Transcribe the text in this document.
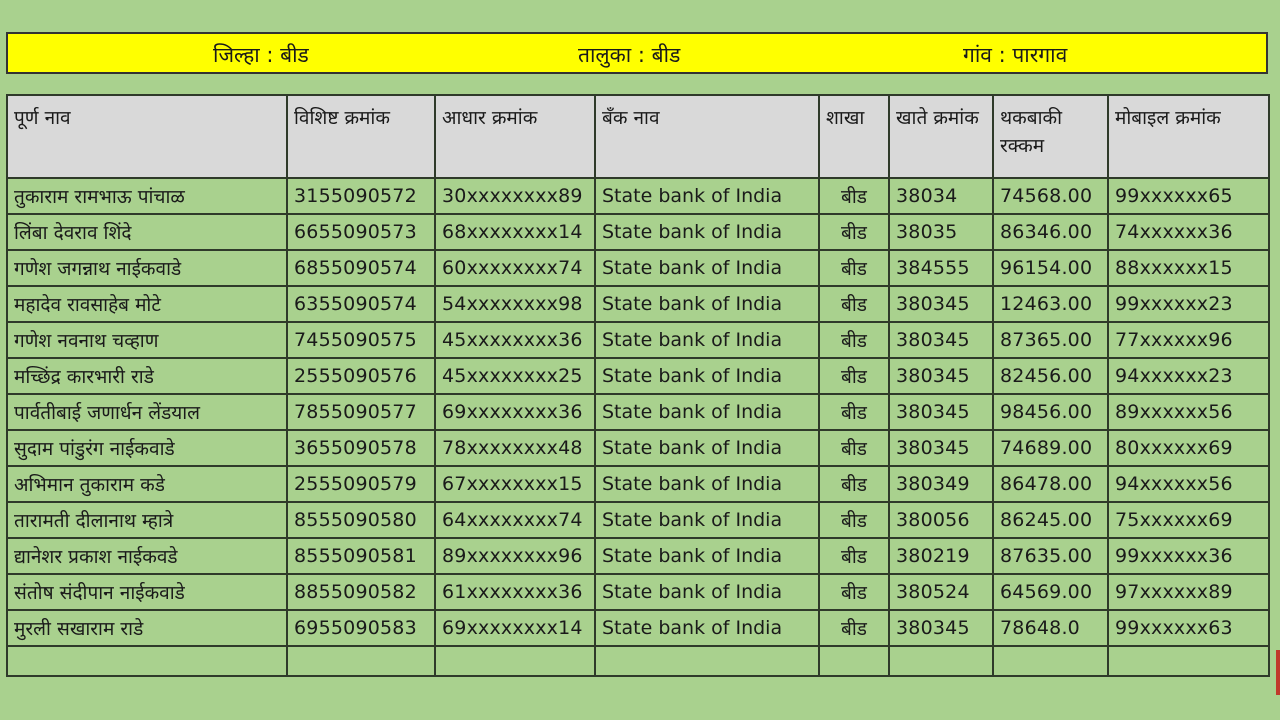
जिल्हा : बीड	तालुका : बीड	गांव : पारगाव
पूर्ण नाव	विशिष्ट क्रमांक	आधार क्रमांक	बँक नाव	शाखा	खाते क्रमांक	थकबाकी रक्कम	मोबाइल क्रमांक
तुकाराम रामभाऊ पांचाळ	3155090572	30xxxxxxxx89	State bank of India	बीड	38034	74568.00	99xxxxxx65
लिंबा देवराव शिंदे	6655090573	68xxxxxxxx14	State bank of India	बीड	38035	86346.00	74xxxxxx36
गणेश जगन्नाथ नाईकवाडे	6855090574	60xxxxxxxx74	State bank of India	बीड	384555	96154.00	88xxxxxx15
महादेव रावसाहेब मोटे	6355090574	54xxxxxxxx98	State bank of India	बीड	380345	12463.00	99xxxxxx23
गणेश नवनाथ चव्हाण	7455090575	45xxxxxxxx36	State bank of India	बीड	380345	87365.00	77xxxxxx96
मच्छिंद्र कारभारी राडे	2555090576	45xxxxxxxx25	State bank of India	बीड	380345	82456.00	94xxxxxx23
पार्वतीबाई जणार्धन लेंडयाल	7855090577	69xxxxxxxx36	State bank of India	बीड	380345	98456.00	89xxxxxx56
सुदाम पांडुरंग नाईकवाडे	3655090578	78xxxxxxxx48	State bank of India	बीड	380345	74689.00	80xxxxxx69
अभिमान तुकाराम कडे	2555090579	67xxxxxxxx15	State bank of India	बीड	380349	86478.00	94xxxxxx56
तारामती दीलानाथ म्हात्रे	8555090580	64xxxxxxxx74	State bank of India	बीड	380056	86245.00	75xxxxxx69
द्यानेशर प्रकाश नाईकवडे	8555090581	89xxxxxxxx96	State bank of India	बीड	380219	87635.00	99xxxxxx36
संतोष संदीपान नाईकवाडे	8855090582	61xxxxxxxx36	State bank of India	बीड	380524	64569.00	97xxxxxx89
मुरली सखाराम राडे	6955090583	69xxxxxxxx14	State bank of India	बीड	380345	78648.0	99xxxxxx63
